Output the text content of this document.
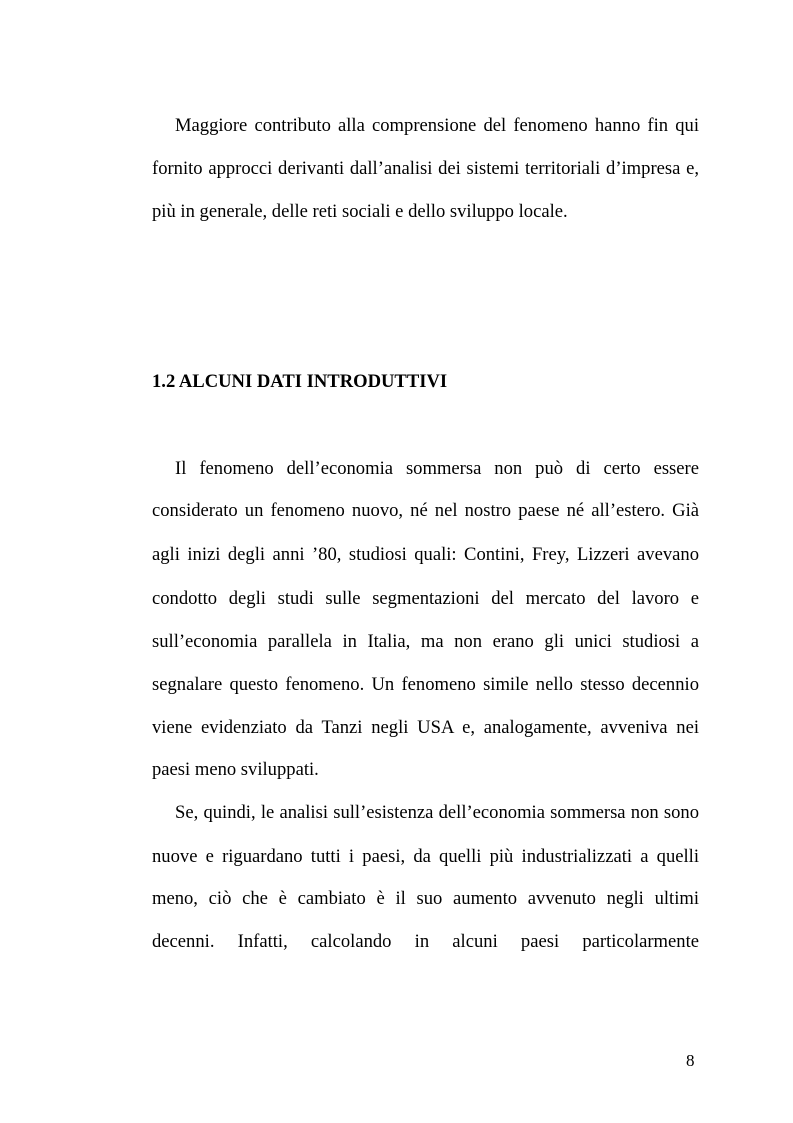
Maggiore contributo alla comprensione del fenomeno hanno fin qui
fornito approcci derivanti dall’analisi dei sistemi territoriali d’impresa e,
più in generale, delle reti sociali e dello sviluppo locale.
1.2 ALCUNI DATI INTRODUTTIVI
Il fenomeno dell’economia sommersa non può di certo essere
considerato un fenomeno nuovo, né nel nostro paese né all’estero. Già
agli inizi degli anni ’80, studiosi quali: Contini, Frey, Lizzeri avevano
condotto degli studi sulle segmentazioni del mercato del lavoro e
sull’economia parallela in Italia, ma non erano gli unici studiosi a
segnalare questo fenomeno. Un fenomeno simile nello stesso decennio
viene evidenziato da Tanzi negli USA e, analogamente, avveniva nei
paesi meno sviluppati.
Se, quindi, le analisi sull’esistenza dell’economia sommersa non sono
nuove e riguardano tutti i paesi, da quelli più industrializzati a quelli
meno, ciò che è cambiato è il suo aumento avvenuto negli ultimi
decenni. Infatti, calcolando in alcuni paesi particolarmente
8
